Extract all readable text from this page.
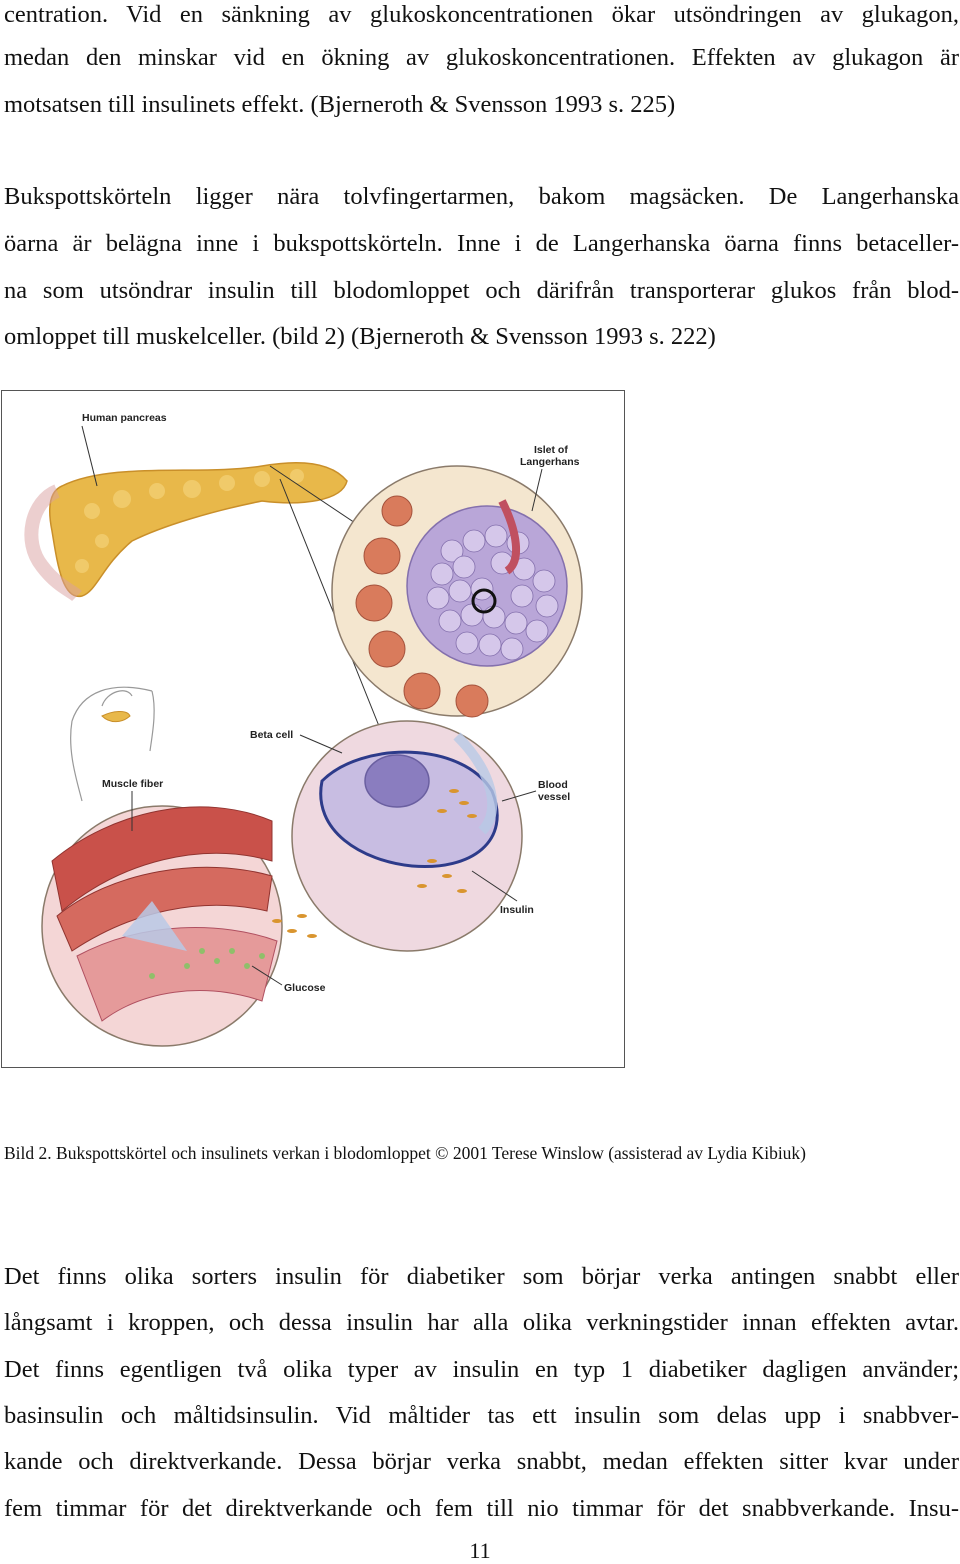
centration. Vid en sänkning av glukoskoncentrationen ökar utsöndringen av glukagon,
medan den minskar vid en ökning av glukoskoncentrationen. Effekten av glukagon är
motsatsen till insulinets effekt. (Bjerneroth & Svensson 1993 s. 225)
Bukspottskörteln ligger nära tolvfingertarmen, bakom magsäcken. De Langerhanska
öarna är belägna inne i bukspottskörteln. Inne i de Langerhanska öarna finns betaceller-
na som utsöndrar insulin till blodomloppet och därifrån transporterar glukos från blod-
omloppet till muskelceller. (bild 2) (Bjerneroth & Svensson 1993 s. 222)
Human pancreas
Islet of
Langerhans
Beta cell
Muscle fiber	Blood
vessel
Insulin
Glucose
Bild 2. Bukspottskörtel och insulinets verkan i blodomloppet © 2001 Terese Winslow (assisterad av Lydia Kibiuk)
Det finns olika sorters insulin för diabetiker som börjar verka antingen snabbt eller
långsamt i kroppen, och dessa insulin har alla olika verkningstider innan effekten avtar.
Det finns egentligen två olika typer av insulin en typ 1 diabetiker dagligen använder;
basinsulin och måltidsinsulin. Vid måltider tas ett insulin som delas upp i snabbver-
kande och direktverkande. Dessa börjar verka snabbt, medan effekten sitter kvar under
fem timmar för det direktverkande och fem till nio timmar för det snabbverkande. Insu-
11
